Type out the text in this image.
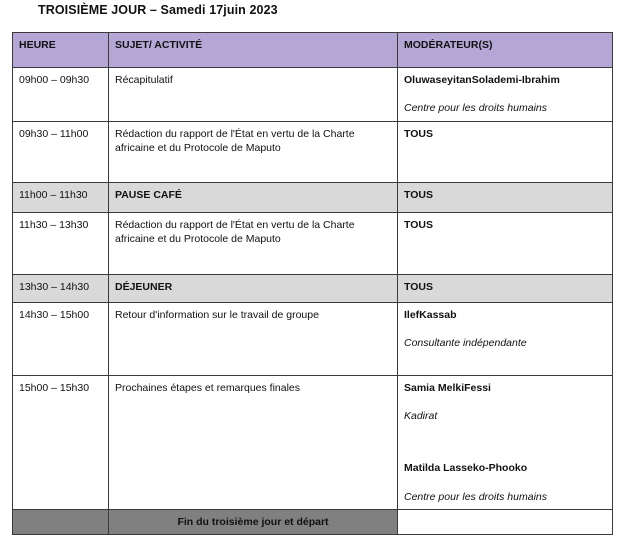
TROISIÈME JOUR – Samedi 17juin 2023
HEURE	SUJET/ ACTIVITÉ	MODÉRATEUR(S)
09h00 – 09h30	Récapitulatif	OluwaseyitanSolademi-Ibrahim
Centre pour les droits humains

09h30 – 11h00	Rédaction du rapport de l'État en vertu de la Charte africaine et du Protocole de Maputo	TOUS

11h00 – 11h30	PAUSE CAFÉ	TOUS

11h30 – 13h30	Rédaction du rapport de l'État en vertu de la Charte africaine et du Protocole de Maputo	TOUS

13h30 – 14h30	DÉJEUNER	TOUS

14h30 – 15h00	Retour d'information sur le travail de groupe	IlefKassab
Consultante indépendante

15h00 – 15h30	Prochaines étapes et remarques finales	Samia MelkiFessi
Kadirat
Matilda Lasseko-Phooko
Centre pour les droits humains

	Fin du troisième jour et départ	
